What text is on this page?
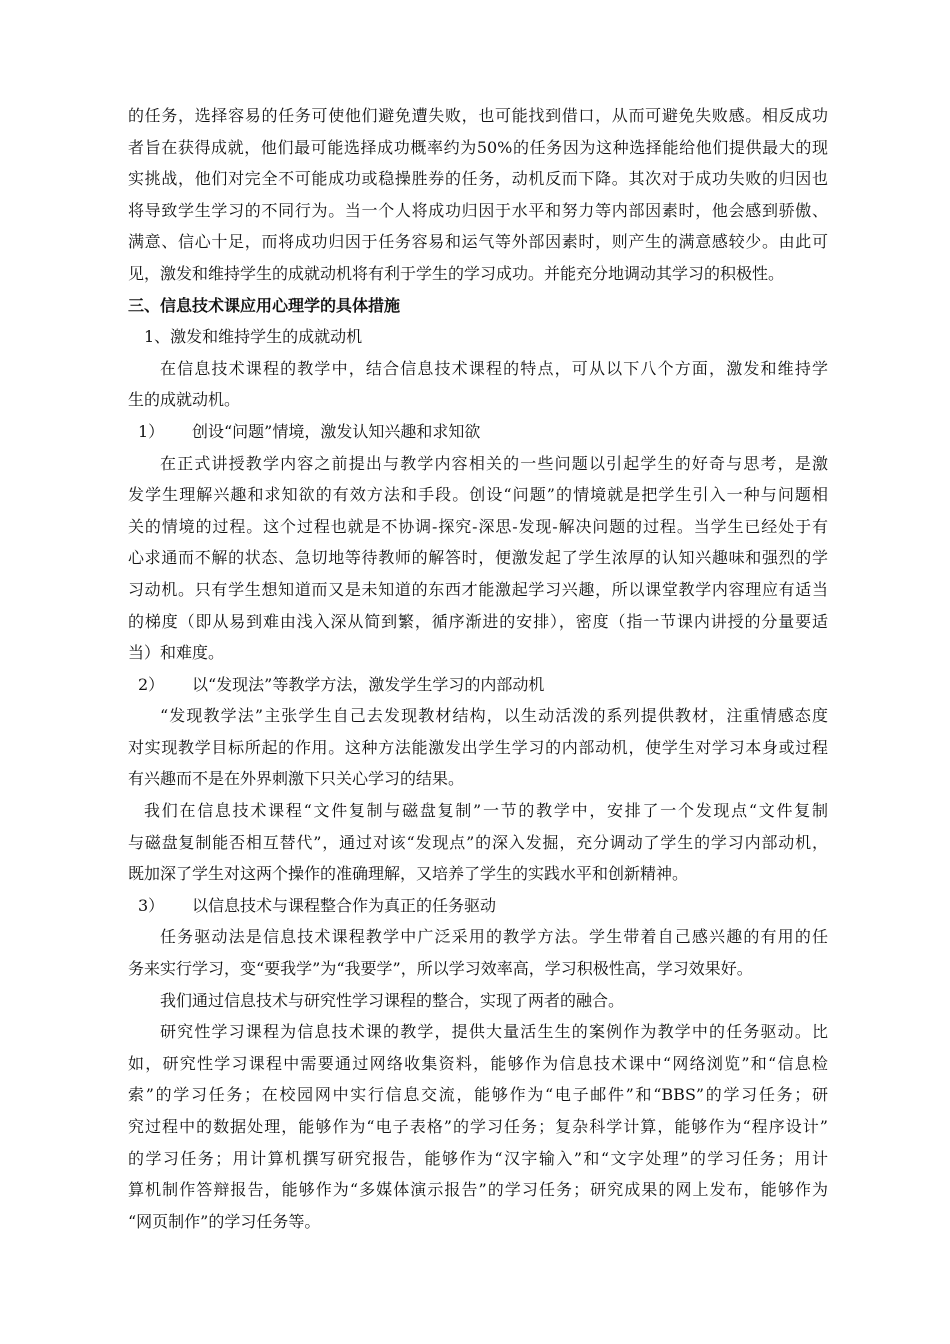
的任务，选择容易的任务可使他们避免遭失败，也可能找到借口，从而可避免失败感。相反成功
者旨在获得成就，他们最可能选择成功概率约为50%的任务因为这种选择能给他们提供最大的现
实挑战，他们对完全不可能成功或稳操胜券的任务，动机反而下降。其次对于成功失败的归因也
将导致学生学习的不同行为。当一个人将成功归因于水平和努力等内部因素时，他会感到骄傲、
满意、信心十足，而将成功归因于任务容易和运气等外部因素时，则产生的满意感较少。由此可
见，激发和维持学生的成就动机将有利于学生的学习成功。并能充分地调动其学习的积极性。
三、信息技术课应用心理学的具体措施
1、激发和维持学生的成就动机
在信息技术课程的教学中，结合信息技术课程的特点，可从以下八个方面，激发和维持学
生的成就动机。
1） 创设“问题”情境，激发认知兴趣和求知欲
在正式讲授教学内容之前提出与教学内容相关的一些问题以引起学生的好奇与思考，是激
发学生理解兴趣和求知欲的有效方法和手段。创设“问题”的情境就是把学生引入一种与问题相
关的情境的过程。这个过程也就是不协调-探究-深思-发现-解决问题的过程。当学生已经处于有
心求通而不解的状态、急切地等待教师的解答时，便激发起了学生浓厚的认知兴趣味和强烈的学
习动机。只有学生想知道而又是未知道的东西才能激起学习兴趣，所以课堂教学内容理应有适当
的梯度（即从易到难由浅入深从简到繁，循序渐进的安排），密度（指一节课内讲授的分量要适
当）和难度。
2） 以“发现法”等教学方法，激发学生学习的内部动机
“发现教学法”主张学生自己去发现教材结构，以生动活泼的系列提供教材，注重情感态度
对实现教学目标所起的作用。这种方法能激发出学生学习的内部动机，使学生对学习本身或过程
有兴趣而不是在外界刺激下只关心学习的结果。
我们在信息技术课程“文件复制与磁盘复制”一节的教学中，安排了一个发现点“文件复制
与磁盘复制能否相互替代”，通过对该“发现点”的深入发掘，充分调动了学生的学习内部动机，
既加深了学生对这两个操作的准确理解，又培养了学生的实践水平和创新精神。
3） 以信息技术与课程整合作为真正的任务驱动
任务驱动法是信息技术课程教学中广泛采用的教学方法。学生带着自己感兴趣的有用的任
务来实行学习，变“要我学”为“我要学”，所以学习效率高，学习积极性高，学习效果好。
我们通过信息技术与研究性学习课程的整合，实现了两者的融合。
研究性学习课程为信息技术课的教学，提供大量活生生的案例作为教学中的任务驱动。比
如，研究性学习课程中需要通过网络收集资料，能够作为信息技术课中“网络浏览”和“信息检
索”的学习任务；在校园网中实行信息交流，能够作为“电子邮件”和“BBS”的学习任务；研
究过程中的数据处理，能够作为“电子表格”的学习任务；复杂科学计算，能够作为“程序设计”
的学习任务；用计算机撰写研究报告，能够作为“汉字输入”和“文字处理”的学习任务；用计
算机制作答辩报告，能够作为“多媒体演示报告”的学习任务；研究成果的网上发布，能够作为
“网页制作”的学习任务等。
